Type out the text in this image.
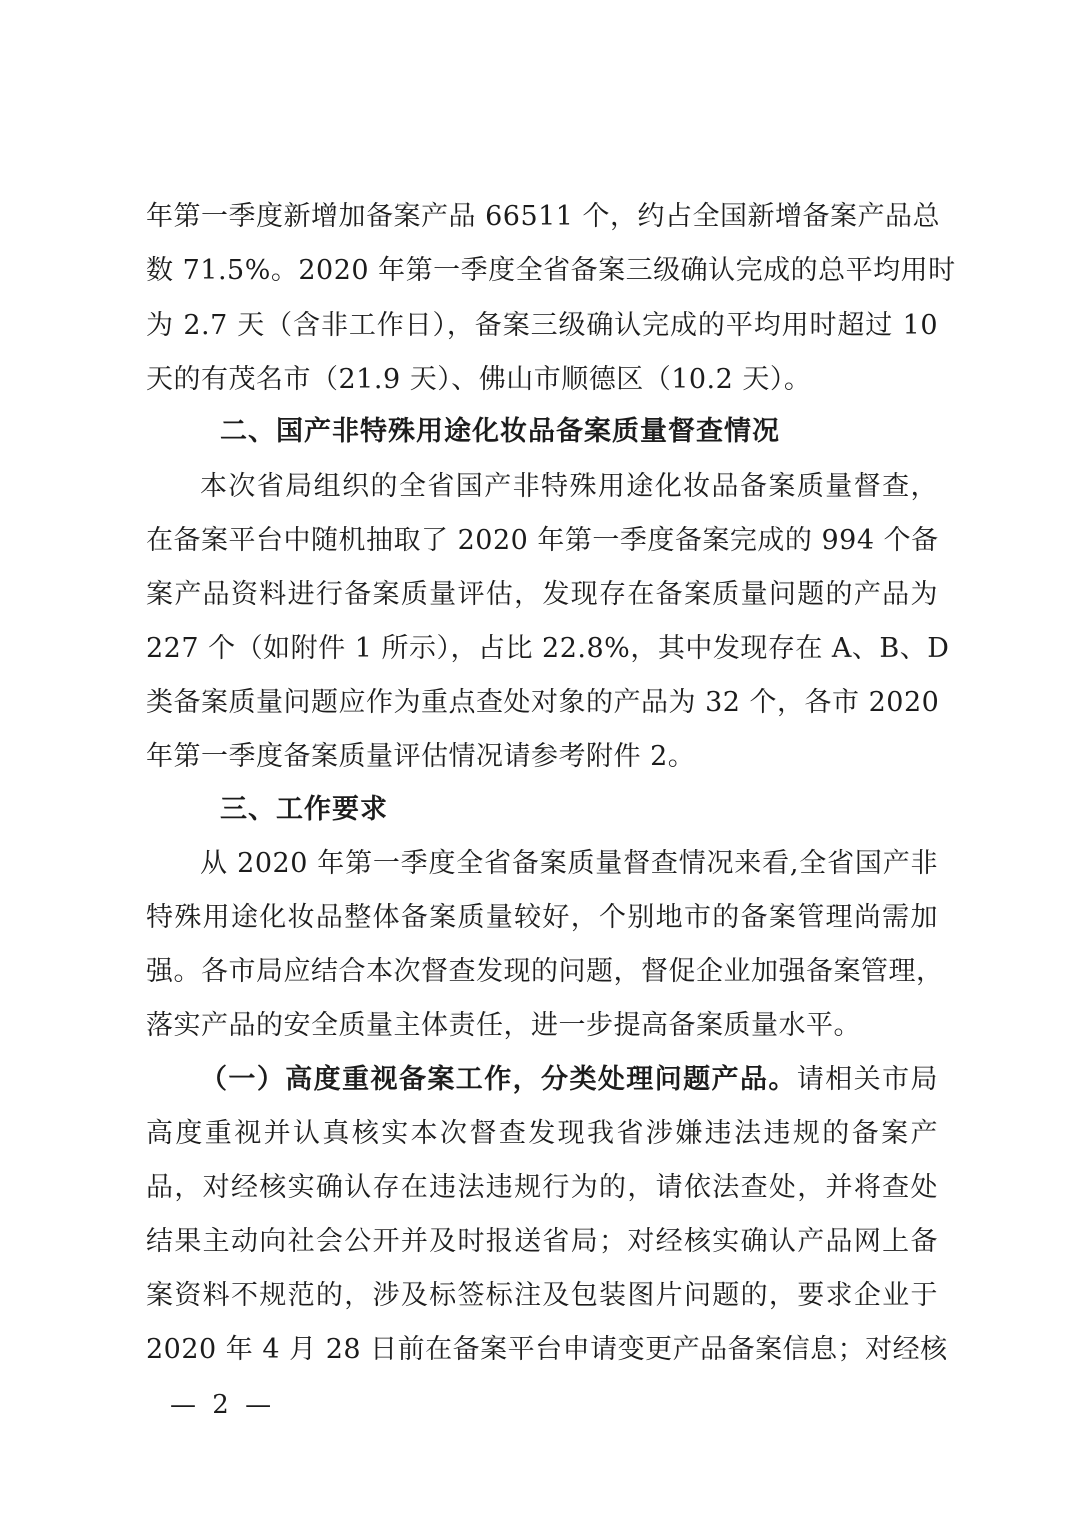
年第一季度新增加备案产品 66511 个，约占全国新增备案产品总
数 71.5%。2020 年第一季度全省备案三级确认完成的总平均用时
为 2.7 天（含非工作日），备案三级确认完成的平均用时超过 10
天的有茂名市（21.9 天）、佛山市顺德区（10.2 天）。
二、国产非特殊用途化妆品备案质量督查情况
本次省局组织的全省国产非特殊用途化妆品备案质量督查，
在备案平台中随机抽取了 2020 年第一季度备案完成的 994 个备
案产品资料进行备案质量评估，发现存在备案质量问题的产品为
227 个（如附件 1 所示），占比 22.8%，其中发现存在 A、B、D
类备案质量问题应作为重点查处对象的产品为 32 个，各市 2020
年第一季度备案质量评估情况请参考附件 2。
三、工作要求
从 2020 年第一季度全省备案质量督查情况来看,全省国产非
特殊用途化妆品整体备案质量较好，个别地市的备案管理尚需加
强。各市局应结合本次督查发现的问题，督促企业加强备案管理，
落实产品的安全质量主体责任，进一步提高备案质量水平。
（一）高度重视备案工作，分类处理问题产品。请相关市局
高度重视并认真核实本次督查发现我省涉嫌违法违规的备案产
品，对经核实确认存在违法违规行为的，请依法查处，并将查处
结果主动向社会公开并及时报送省局；对经核实确认产品网上备
案资料不规范的，涉及标签标注及包装图片问题的，要求企业于
2020 年 4 月 28 日前在备案平台申请变更产品备案信息；对经核
— 2 —
